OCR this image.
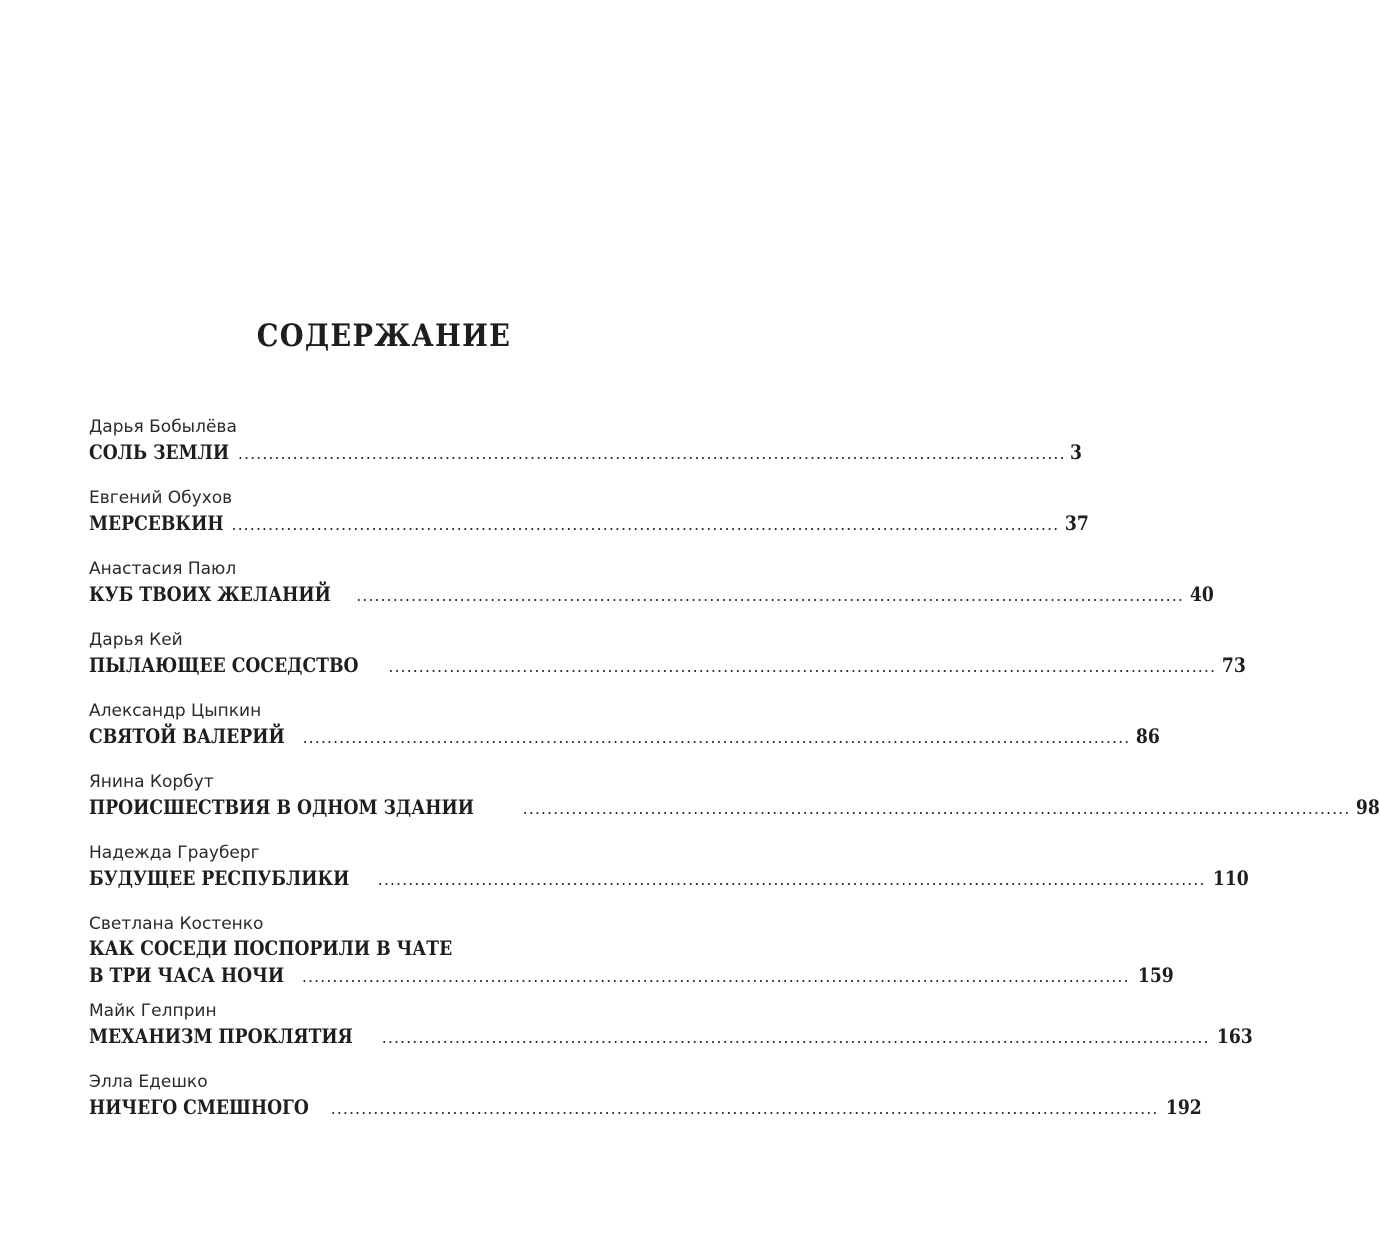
СОДЕРЖАНИЕ
Дарья Бобылёва
СОЛЬ ЗЕМЛИ ........................................................................................................................................ 3
Евгений Обухов
МЕРСЕВКИН ........................................................................................................................................ 37
Анастасия Паюл
КУБ ТВОИХ ЖЕЛАНИЙ ........................................................................................................................................ 40
Дарья Кей
ПЫЛАЮЩЕЕ СОСЕДСТВО ........................................................................................................................................ 73
Александр Цыпкин
СВЯТОЙ ВАЛЕРИЙ ........................................................................................................................................ 86
Янина Корбут
ПРОИСШЕСТВИЯ В ОДНОМ ЗДАНИИ	........................................................................................................................................ 98
Надежда Грауберг
БУДУЩЕЕ РЕСПУБЛИКИ ........................................................................................................................................ 110
Светлана Костенко
КАК СОСЕДИ ПОСПОРИЛИ В ЧАТЕ
В ТРИ ЧАСА НОЧИ ........................................................................................................................................ 159
Майк Гелприн
МЕХАНИЗМ ПРОКЛЯТИЯ ........................................................................................................................................ 163
Элла Едешко
НИЧЕГО СМЕШНОГО ........................................................................................................................................ 192
